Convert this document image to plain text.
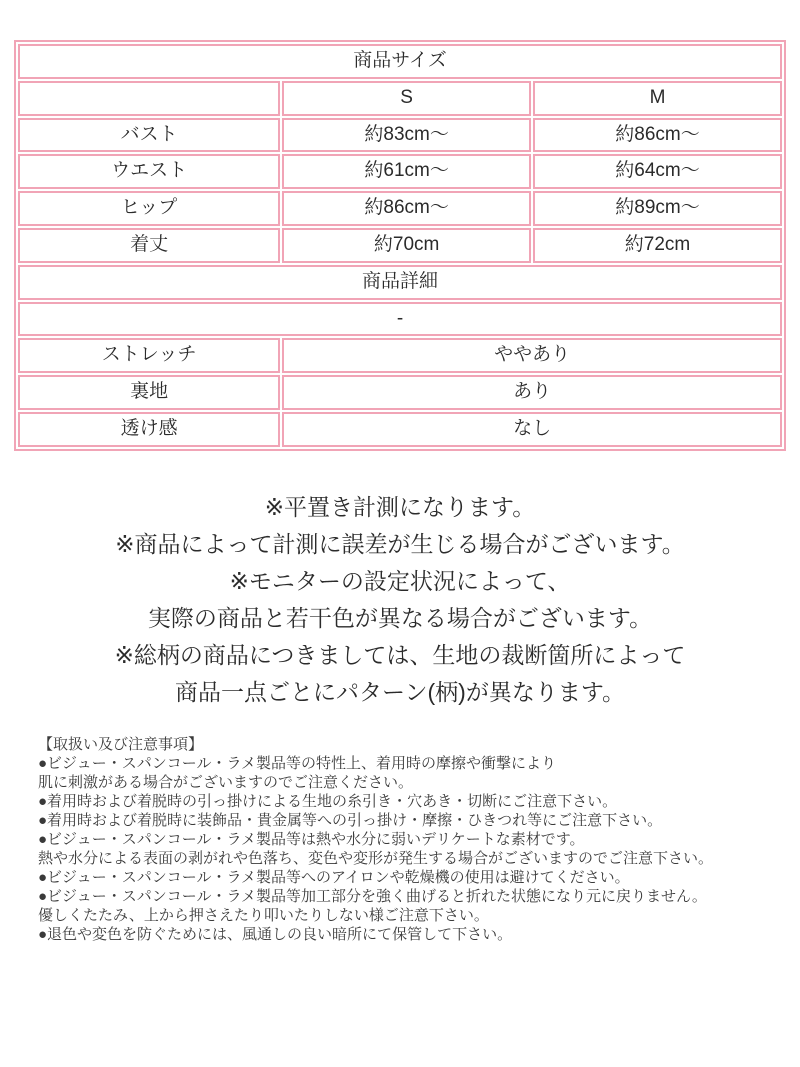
商品サイズ		
	S	M
バスト	約83cm～	約86cm～
ウエスト	約61cm～	約64cm～
ヒップ	約86cm～	約89cm～
着丈	約70cm	約72cm
商品詳細		
-		
ストレッチ	ややあり	
裏地	あり	
透け感	なし	
※平置き計測になります。
※商品によって計測に誤差が生じる場合がございます。
※モニターの設定状況によって、
実際の商品と若干色が異なる場合がございます。
※総柄の商品につきましては、生地の裁断箇所によって
商品一点ごとにパターン(柄)が異なります。
【取扱い及び注意事項】
●ビジュー・スパンコール・ラメ製品等の特性上、着用時の摩擦や衝撃により
肌に刺激がある場合がございますのでご注意ください。
●着用時および着脱時の引っ掛けによる生地の糸引き・穴あき・切断にご注意下さい。
●着用時および着脱時に装飾品・貴金属等への引っ掛け・摩擦・ひきつれ等にご注意下さい。
●ビジュー・スパンコール・ラメ製品等は熱や水分に弱いデリケートな素材です。
熱や水分による表面の剥がれや色落ち、変色や変形が発生する場合がございますのでご注意下さい。
●ビジュー・スパンコール・ラメ製品等へのアイロンや乾燥機の使用は避けてください。
●ビジュー・スパンコール・ラメ製品等加工部分を強く曲げると折れた状態になり元に戻りません。
優しくたたみ、上から押さえたり叩いたりしない様ご注意下さい。
●退色や変色を防ぐためには、風通しの良い暗所にて保管して下さい。
